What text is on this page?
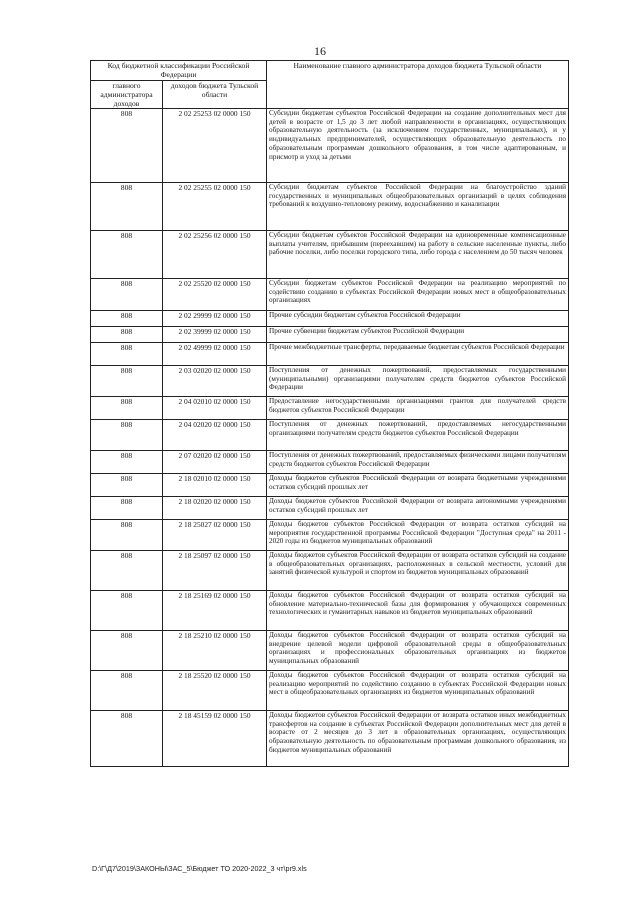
16
Код бюджетной классификации Российской Федерации		Наименование главного администратора доходов бюджета Тульской области
главного администратора доходов	доходов бюджета Тульской области	
808	2 02 25253 02 0000 150	Субсидии бюджетам субъектов Российской Федерации на создание дополнительных мест для детей в возрасте от 1,5 до 3 лет любой направленности в организациях, осуществляющих образовательную деятельность (за исключением государственных, муниципальных), и у индивидуальных предпринимателей, осуществляющих образовательную деятельность по образовательным программам дошкольного образования, в том числе адаптированным, и присмотр и уход за детьми
808	2 02 25255 02 0000 150	Субсидии бюджетам субъектов Российской Федерации на благоустройство зданий государственных и муниципальных общеобразовательных организаций в целях соблюдения требований к воздушно-тепловому режиму, водоснабжению и канализации
808	2 02 25256 02 0000 150	Субсидии бюджетам субъектов Российской Федерации на единовременные компенсационные выплаты учителям, прибывшим (переехавшим) на работу в сельские населенные пункты, либо рабочие поселки, либо поселки городского типа, либо города с населением до 50 тысяч человек
808	2 02 25520 02 0000 150	Субсидии бюджетам субъектов Российской Федерации на реализацию мероприятий по содействию созданию в субъектах Российской Федерации новых мест в общеобразовательных организациях
808	2 02 29999 02 0000 150	Прочие субсидии бюджетам субъектов Российской Федерации
808	2 02 39999 02 0000 150	Прочие субвенции бюджетам субъектов Российской Федерации
808	2 02 49999 02 0000 150	Прочие межбюджетные трансферты, передаваемые бюджетам субъектов Российской Федерации
808	2 03 02020 02 0000 150	Поступления от денежных пожертвований, предоставляемых государственными (муниципальными) организациями получателям средств бюджетов субъектов Российской Федерации
808	2 04 02010 02 0000 150	Предоставление негосударственными организациями грантов для получателей средств бюджетов субъектов Российской Федерации
808	2 04 02020 02 0000 150	Поступления от денежных пожертвований, предоставляемых негосударственными организациями получателям средств бюджетов субъектов Российской Федерации
808	2 07 02020 02 0000 150	Поступления от денежных пожертвований, предоставляемых физическими лицами получателям средств бюджетов субъектов Российской Федерации
808	2 18 02010 02 0000 150	Доходы бюджетов субъектов Российской Федерации от возврата бюджетными учреждениями остатков субсидий прошлых лет
808	2 18 02020 02 0000 150	Доходы бюджетов субъектов Российской Федерации от возврата автономными учреждениями остатков субсидий прошлых лет
808	2 18 25027 02 0000 150	Доходы бюджетов субъектов Российской Федерации от возврата остатков субсидий на мероприятия государственной программы Российской Федерации "Доступная среда" на 2011 - 2020 годы из бюджетов муниципальных образований
808	2 18 25097 02 0000 150	Доходы бюджетов субъектов Российской Федерации от возврата остатков субсидий на создание в общеобразовательных организациях, расположенных в сельской местности, условий для занятий физической культурой и спортом из бюджетов муниципальных образований
808	2 18 25169 02 0000 150	Доходы бюджетов субъектов Российской Федерации от возврата остатков субсидий на обновление материально-технической базы для формирования у обучающихся современных технологических и гуманитарных навыков из бюджетов муниципальных образований
808	2 18 25210 02 0000 150	Доходы бюджетов субъектов Российской Федерации от возврата остатков субсидий на внедрение целевой модели цифровой образовательной среды в общеобразовательных организациях и профессиональных образовательных организациях из бюджетов муниципальных образований
808	2 18 25520 02 0000 150	Доходы бюджетов субъектов Российской Федерации от возврата остатков субсидий на реализацию мероприятий по содействию созданию в субъектах Российской Федерации новых мест в общеобразовательных организациях из бюджетов муниципальных образований
808	2 18 45159 02 0000 150	Доходы бюджетов субъектов Российской Федерации от возврата остатков иных межбюджетных трансфертов на создание в субъектах Российской Федерации дополнительных мест для детей в возрасте от 2 месяцев до 3 лет в образовательных организациях, осуществляющих образовательную деятельность по образовательным программам дошкольного образования, из бюджетов муниципальных образований
D:\Г\Д7\2019\ЗАКОНЫ\ЗАС_5\Бюджет ТО 2020-2022_3 чт\pr9.xls
